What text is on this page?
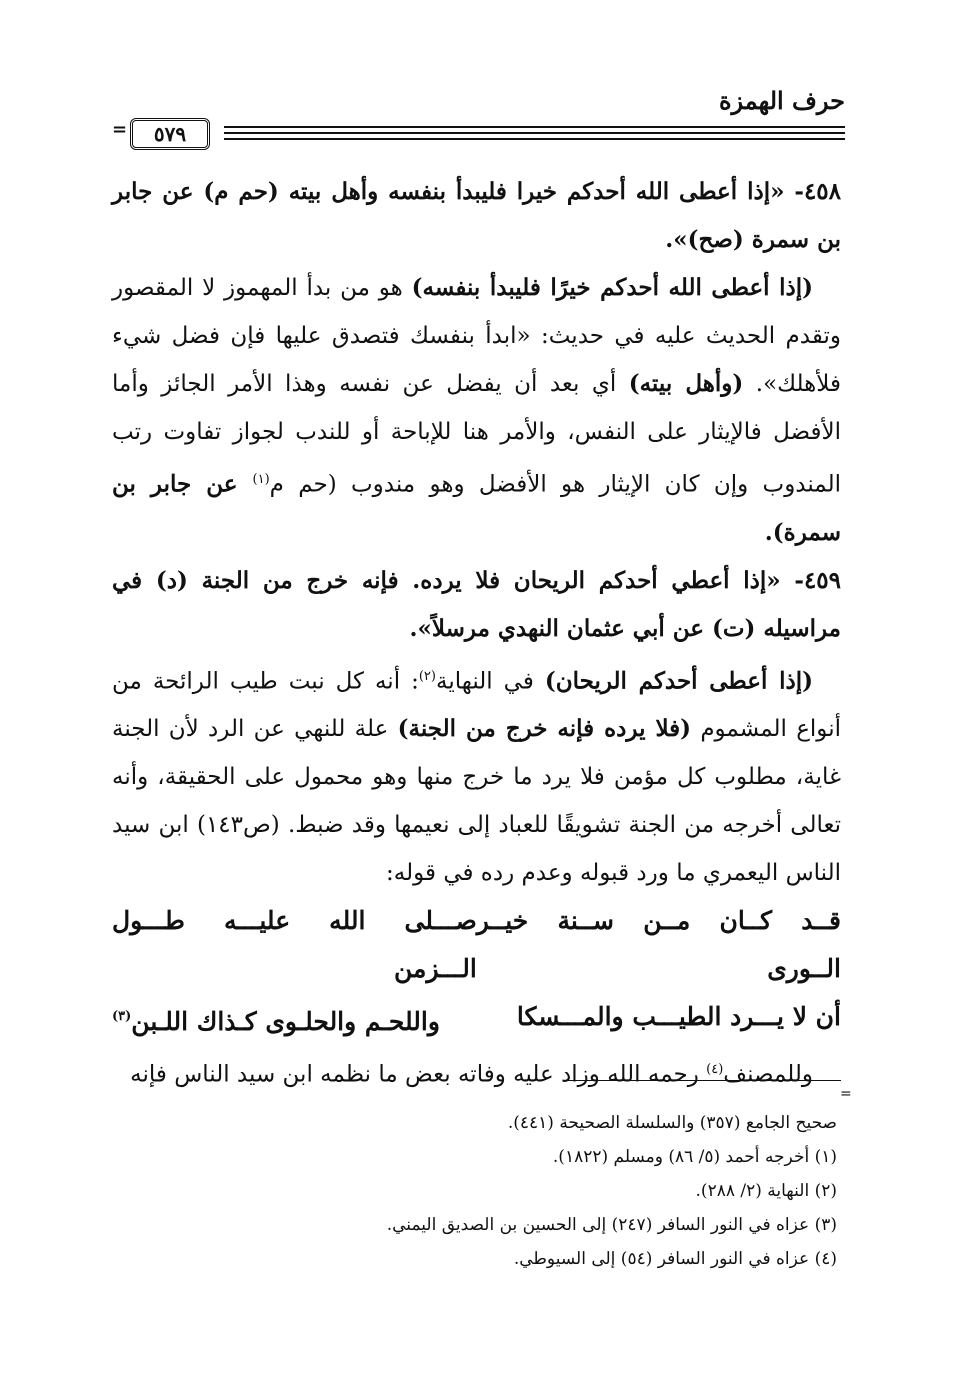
حرف الهمزة
=	٥٧٩

٤٥٨- «إذا أعطى الله أحدكم خيرا فليبدأ بنفسه وأهل بيته (حم م) عن جابر بن سمرة (صح)».

(إذا أعطى الله أحدكم خيرًا فليبدأ بنفسه) هو من بدأ المهموز لا المقصور وتقدم الحديث عليه في حديث: «ابدأ بنفسك فتصدق عليها فإن فضل شيء فلأهلك». (وأهل بيته) أي بعد أن يفضل عن نفسه وهذا الأمر الجائز وأما الأفضل فالإيثار على النفس، والأمر هنا للإباحة أو للندب لجواز تفاوت رتب المندوب وإن كان الإيثار هو الأفضل وهو مندوب (حم م$^{(١)}$ عن جابر بن سمرة).

٤٥٩- «إذا أعطي أحدكم الريحان فلا يرده. فإنه خرج من الجنة (د) في مراسيله (ت) عن أبي عثمان النهدي مرسلاً».

(إذا أعطى أحدكم الريحان) في النهاية$^{(٢)}$: أنه كل نبت طيب الرائحة من أنواع المشموم (فلا يرده فإنه خرج من الجنة) علة للنهي عن الرد لأن الجنة غاية، مطلوب كل مؤمن فلا يرد ما خرج منها وهو محمول على الحقيقة، وأنه تعالى أخرجه من الجنة تشويقًا للعباد إلى نعيمها وقد ضبط. (ص١٤٣) ابن سيد الناس اليعمري ما ورد قبوله وعدم رده في قوله:

قــد كــان مــن ســنة خيــر الــورى
صـــلى الله عليـــه طـــول الـــزمن
أن لا يـــرد الطيـــب والمـــسكا
واللحـم والحلـوى كـذاك اللـبن$^{(٣)}$

وللمصنف$^{(٤)}$ رحمه الله وزاد عليه وفاته بعض ما نظمه ابن سيد الناس فإنه

=

صحيح الجامع (٣٥٧) والسلسلة الصحيحة (٤٤١).

(١) أخرجه أحمد (٥/ ٨٦) ومسلم (١٨٢٢).

(٢) النهاية (٢/ ٢٨٨).

(٣) عزاه في النور السافر (٢٤٧) إلى الحسين بن الصديق اليمني.

(٤) عزاه في النور السافر (٥٤) إلى السيوطي.
